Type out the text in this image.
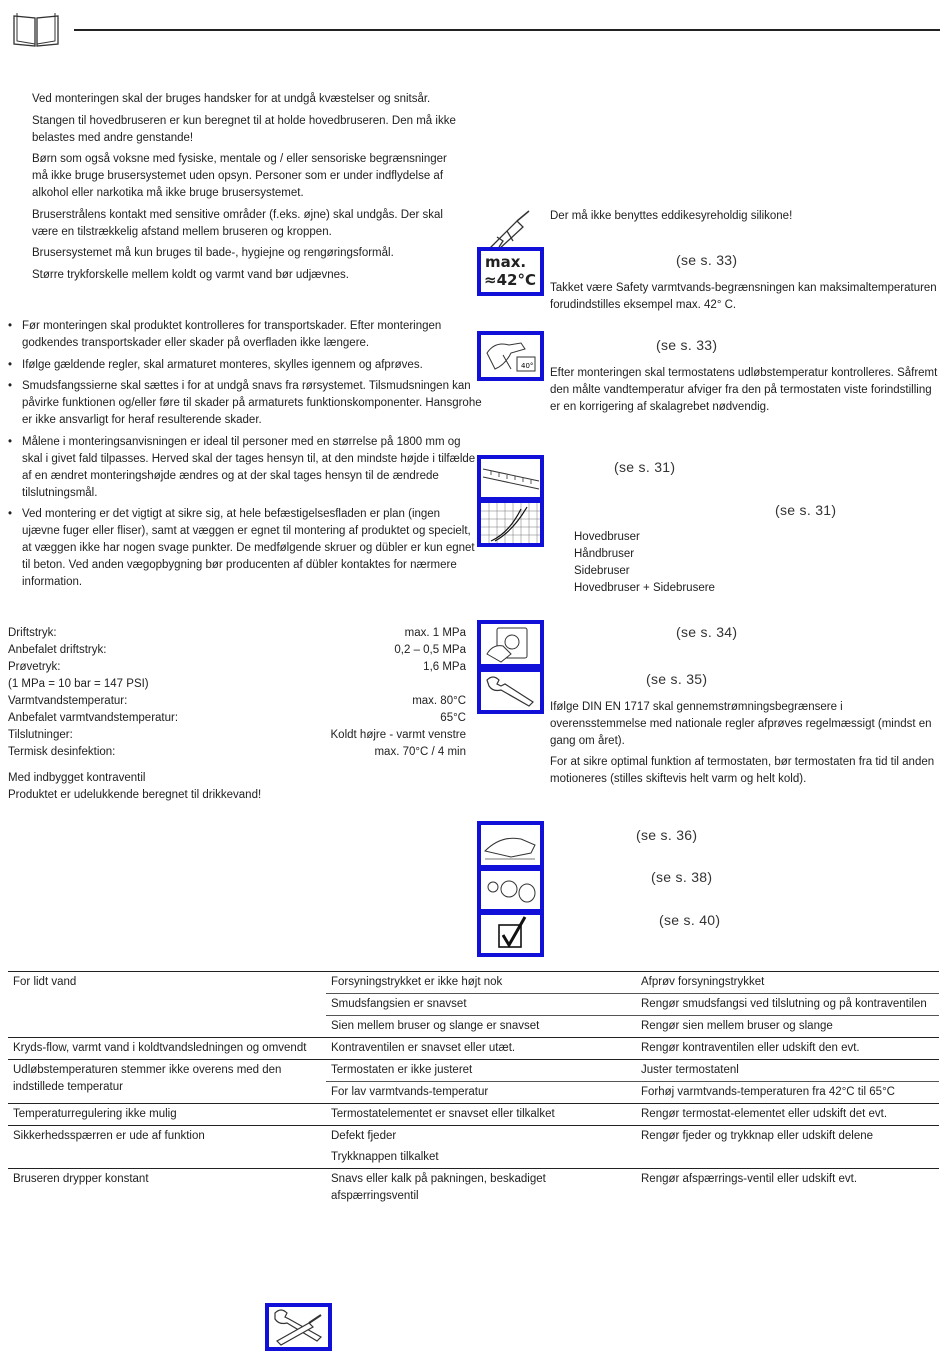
Ved monteringen skal der bruges handsker for at undgå kvæstelser og snitsår.

Stangen til hovedbruseren er kun beregnet til at holde hovedbruseren. Den må ikke belastes med andre genstande!

Børn som også voksne med fysiske, mentale og / eller sensoriske begrænsninger må ikke bruge brusersystemet uden opsyn. Personer som er under indflydelse af alkohol eller narkotika må ikke bruge brusersystemet.

Bruserstrålens kontakt med sensitive områder (f.eks. øjne) skal undgås. Der skal være en tilstrækkelig afstand mellem bruseren og kroppen.

Brusersystemet må kun bruges til bade-, hygiejne og rengøringsformål.

Større trykforskelle mellem koldt og varmt vand bør udjævnes.

• Før monteringen skal produktet kontrolleres for transportskader. Efter monteringen godkendes transportskader eller skader på overfladen ikke længere.
• Ifølge gældende regler, skal armaturet monteres, skylles igennem og afprøves.
• Smudsfangssierne skal sættes i for at undgå snavs fra rørsystemet. Tilsmudsningen kan påvirke funktionen og/eller føre til skader på armaturets funktionskomponenter. Hansgrohe er ikke ansvarligt for heraf resulterende skader.
• Målene i monteringsanvisningen er ideal til personer med en størrelse på 1800 mm og skal i givet fald tilpasses. Herved skal der tages hensyn til, at den mindste højde i tilfælde af en ændret monteringshøjde ændres og at der skal tages hensyn til de ændrede tilslutningsmål.
• Ved montering er det vigtigt at sikre sig, at hele befæstigelsesfladen er plan (ingen ujævne fuger eller fliser), samt at væggen er egnet til montering af produktet og specielt, at væggen ikke har nogen svage punkter. De medfølgende skruer og dübler er kun egnet til beton. Ved anden vægopbygning bør producenten af dübler kontaktes for nærmere information.
Driftstryk:	max. 1 MPa
Anbefalet driftstryk:	0,2 – 0,5 MPa
Prøvetryk:	1,6 MPa
(1 MPa = 10 bar = 147 PSI)
Varmtvandstemperatur:	max. 80°C
Anbefalet varmtvandstemperatur:	65°C
Tilslutninger:	Koldt højre - varmt venstre
Termisk desinfektion:	max. 70°C / 4 min
Med indbygget kontraventil
Produktet er udelukkende beregnet til drikkevand!
max.
≈42°C
40°
Der må ikke benyttes eddikesyreholdig silikone!
(se s. 33)
Takket være Safety varmtvands-begrænsningen kan maksimaltemperaturen forudindstilles eksempel max. 42° C.
(se s. 33)
Efter monteringen skal termostatens udløbstemperatur kontrolleres. Såfremt den målte vandtemperatur afviger fra den på termostaten viste forindstilling er en korrigering af skalagrebet nødvendig.
(se s. 31)
(se s. 31)
Hovedbruser
Håndbruser
Sidebruser
Hovedbruser + Sidebrusere
(se s. 34)
(se s. 35)
Ifølge DIN EN 1717 skal gennemstrømningsbegrænsere i overensstemmelse med nationale regler afprøves regelmæssigt (mindst en gang om året).
For at sikre optimal funktion af termostaten, bør termostaten fra tid til anden motioneres (stilles skiftevis helt varm og helt kold).
(se s. 36)
(se s. 38)
(se s. 40)
For lidt vand	Forsyningstrykket er ikke højt nok	Afprøv forsyningstrykket
	Smudsfangsien er snavset	Rengør smudsfangsi ved tilslutning og på kontraventilen
	Sien mellem bruser og slange er snavset	Rengør sien mellem bruser og slange
Kryds-flow, varmt vand i koldtvandsledningen og omvendt	Kontraventilen er snavset eller utæt.	Rengør kontraventilen eller udskift den evt.
Udløbstemperaturen stemmer ikke overens med den indstillede temperatur	Termostaten er ikke justeret	Juster termostatenl
	For lav varmtvands-temperatur	Forhøj varmtvands-temperaturen fra 42°C til 65°C
Temperaturregulering ikke mulig	Termostatelementet er snavset eller tilkalket	Rengør termostat-elementet eller udskift det evt.
Sikkerhedsspærren er ude af funktion	Defekt fjeder	Rengør fjeder og trykknap eller udskift delene
	Trykknappen tilkalket	
Bruseren drypper konstant	Snavs eller kalk på pakningen, beskadiget afspærringsventil	Rengør afspærrings-ventil eller udskift evt.
